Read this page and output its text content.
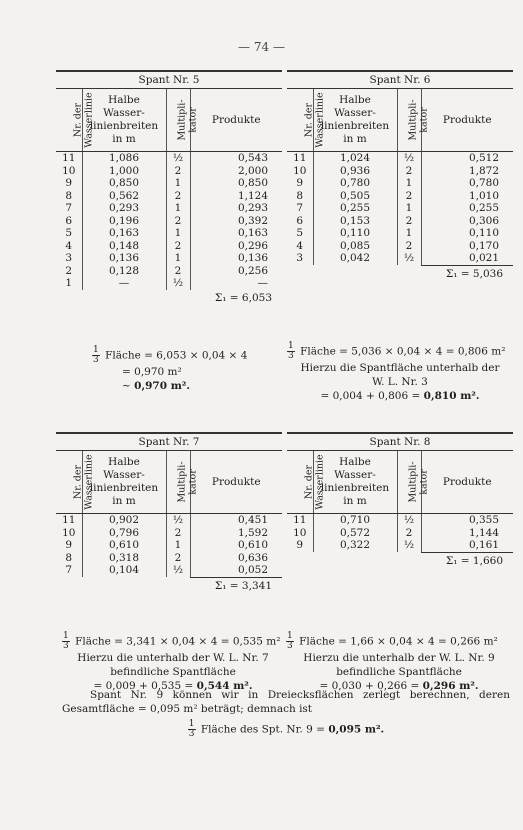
— 74 —
Spant Nr. 5
Nr. der Wasserlinie	Halbe
Wasser-
linienbreiten
in m	Multipli- kator	Produkte
11	1,086	½	0,543
10	1,000	2	2,000
9	0,850	1	0,850
8	0,562	2	1,124
7	0,293	1	0,293
6	0,196	2	0,392
5	0,163	1	0,163
4	0,148	2	0,296
3	0,136	1	0,136
2	0,128	2	0,256
1	—	½	—
Σ₁ = 6,053
Spant Nr. 6
Nr. der Wasserlinie	Halbe
Wasser-
linienbreiten
in m	Multipli- kator	Produkte
11	1,024	½	0,512
10	0,936	2	1,872
9	0,780	1	0,780
8	0,505	2	1,010
7	0,255	1	0,255
6	0,153	2	0,306
5	0,110	1	0,110
4	0,085	2	0,170
3	0,042	½	0,021
Σ₁ = 5,036
Spant Nr. 7
Nr. der Wasserlinie	Halbe
Wasser-
linienbreiten
in m	Multipli- kator	Produkte
11	0,902	½	0,451
10	0,796	2	1,592
9	0,610	1	0,610
8	0,318	2	0,636
7	0,104	½	0,052
Σ₁ = 3,341
Spant Nr. 8
Nr. der Wasserlinie	Halbe
Wasser-
linienbreiten
in m	Multipli- kator	Produkte
11	0,710	½	0,355
10	0,572	2	1,144
9	0,322	½	0,161
Σ₁ = 1,660
$\frac{1}{3}$ Fläche = 6,053 × 0,04 × 4
= 0,970 m²
∼ 0,970 m².
$\frac{1}{3}$ Fläche = 5,036 × 0,04 × 4 = 0,806 m²
Hierzu die Spantfläche unterhalb der
W. L. Nr. 3
= 0,004 + 0,806 = 0,810 m².
$\frac{1}{3}$ Fläche = 3,341 × 0,04 × 4 = 0,535 m²
Hierzu die unterhalb der W. L. Nr. 7
befindliche Spantfläche
= 0,009 + 0,535 = 0,544 m².
$\frac{1}{3}$ Fläche = 1,66 × 0,04 × 4 = 0,266 m²
Hierzu die unterhalb der W. L. Nr. 9
befindliche Spantfläche
= 0,030 + 0,266 = 0,296 m².
Spant Nr. 9 können wir in Dreiecksflächen zerlegt berechnen, deren Gesamtfläche = 0,095 m² beträgt; demnach ist
$\frac{1}{3}$ Fläche des Spt. Nr. 9 = 0,095 m².
